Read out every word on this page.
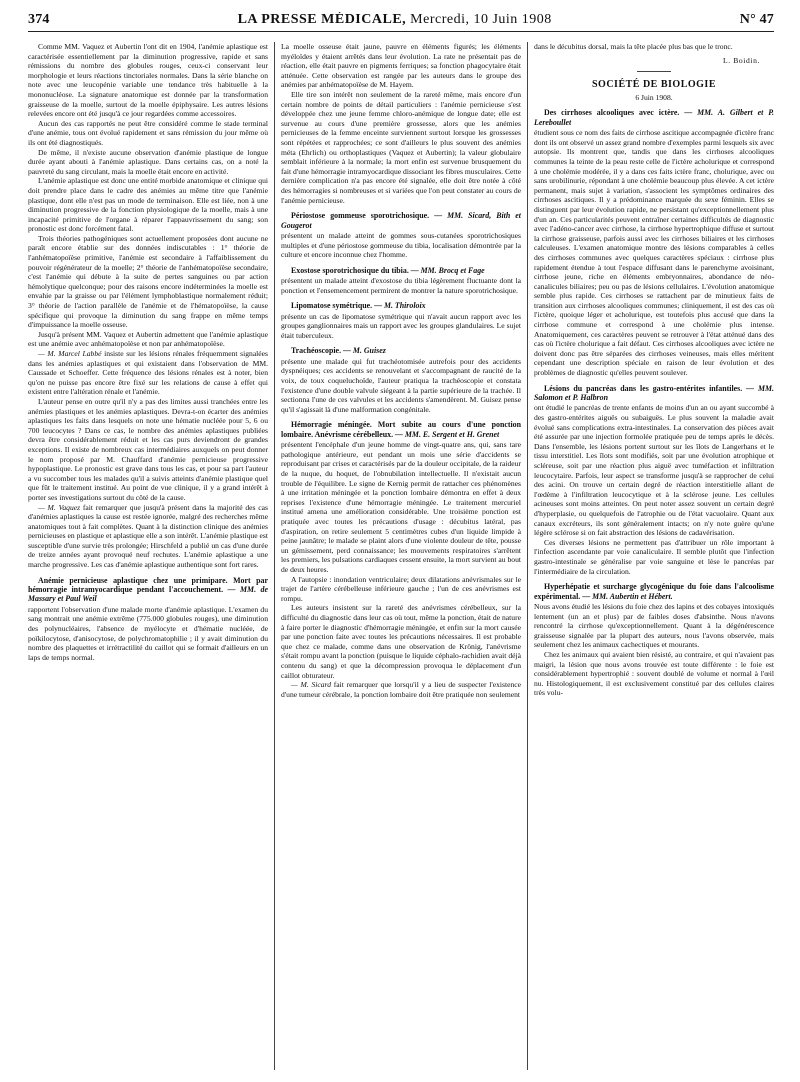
374	LA PRESSE MÉDICALE, Mercredi, 10 Juin 1908	N° 47

Comme MM. Vaquez et Aubertin l'ont dit en 1904, l'anémie aplastique est caractérisée essentiellement par la diminution progressive, rapide et sans rémissions du nombre des globules rouges, ceux-ci conservant leur morphologie et leurs réactions tinctoriales normales. Dans la série blanche on note avec une leucopénie variable une tendance très habituelle à la mononucléose. La signature anatomique est donnée par la transformation graisseuse de la moelle, surtout de la moelle épiphysaire. Les autres lésions relevées encore ont été jusqu'à ce jour regardées comme accessoires.

Aucun des cas rapportés ne peut être considéré comme le stade terminal d'une anémie, tous ont évolué rapidement et sans rémission du jour même où ils ont été diagnostiqués.

De même, il n'existe aucune observation d'anémie plastique de longue durée ayant abouti à l'anémie aplastique. Dans certains cas, on a noté la pauvreté du sang circulant, mais la moelle était encore en activité.

L'anémie aplastique est donc une entité morbide anatomique et clinique qui doit prendre place dans le cadre des anémies au même titre que l'anémie plastique, dont elle n'est pas un mode de terminaison. Elle est liée, non à une diminution progressive de la fonction physiologique de la moelle, mais à une incapacité primitive de l'organe à réparer l'appauvrissement du sang; son pronostic est donc forcément fatal.

Trois théories pathogéniques sont actuellement proposées dont aucune ne paraît encore établie sur des données indiscutables : 1° théorie de l'anhématopoïèse primitive, l'anémie est secondaire à l'affaiblissement du pouvoir régénérateur de la moelle; 2° théorie de l'anhématopoïèse secondaire, c'est l'anémie qui débute à la suite de pertes sanguines ou par action hémolytique quelconque; pour des raisons encore indéterminées la moelle est envahie par la graisse ou par l'élément lymphoblastique normalement réduit; 3° théorie de l'action parallèle de l'anémie et de l'hématopoïèse, la cause spécifique qui provoque la diminution du sang frappe en même temps d'impuissance la moelle osseuse.

Jusqu'à présent MM. Vaquez et Aubertin admettent que l'anémie aplastique est une anémie avec anhématopoïèse et non par anhématopoïèse.

— M. Marcel Labbé insiste sur les lésions rénales fréquemment signalées dans les anémies aplastiques et qui existaient dans l'observation de MM. Caussade et Schoeffer. Cette fréquence des lésions rénales est à noter, bien qu'on ne puisse pas encore être fixé sur les relations de cause à effet qui existent entre l'altération rénale et l'anémie.

L'auteur pense en outre qu'il n'y a pas des limites aussi tranchées entre les anémies plastiques et les anémies aplastiques. Devra-t-on écarter des anémies aplastiques les faits dans lesquels on note une hématie nucléée pour 5, 6 ou 700 leucocytes ? Dans ce cas, le nombre des anémies aplastiques publiées devra être considérablement réduit et les cas purs deviendront de grandes exceptions. Il existe de nombreux cas intermédiaires auxquels on peut donner le nom proposé par M. Chauffard d'anémie pernicieuse progressive hypoplastique. Le pronostic est grave dans tous les cas, et pour sa part l'auteur a vu succomber tous les malades qu'il a suivis atteints d'anémie plastique quel que fût le traitement institué. Au point de vue clinique, il y a grand intérêt à porter ses investigations surtout du côté de la cause.

— M. Vaquez fait remarquer que jusqu'à présent dans la majorité des cas d'anémies aplastiques la cause est restée ignorée, malgré des recherches même anatomiques tout à fait complètes. Quant à la distinction clinique des anémies pernicieuses en plastique et aplastique elle a son intérêt. L'anémie plastique est susceptible d'une survie très prolongée; Hirschfeld a publié un cas d'une durée de treize années ayant provoqué neuf rechutes. L'anémie aplastique a une marche progressive. Les cas d'anémie aplastique authentique sont fort rares.

Anémie pernicieuse aplastique chez une primipare. Mort par hémorragie intramyocardique pendant l'accouchement. — MM. de Massary et Paul Weil

rapportent l'observation d'une malade morte d'anémie aplastique. L'examen du sang montrait une anémie extrême (775.000 globules rouges), une diminution des polynucléaires, l'absence de myélocyte et d'hématie nucléée, de poïkilocytose, d'anisocytose, de polychromatophilie ; il y avait diminution du nombre des plaquettes et irrétractilité du caillot qui se formait d'ailleurs en un laps de temps normal.

La moelle osseuse était jaune, pauvre en éléments figurés; les éléments myéloïdes y étaient arrêtés dans leur évolution. La rate ne présentait pas de réaction, elle était pauvre en pigments ferriques; sa fonction phagocytaire était atténuée. Cette observation est rangée par les auteurs dans le groupe des anémies par anhématopoïèse de M. Hayem.

Elle tire son intérêt non seulement de la rareté même, mais encore d'un certain nombre de points de détail particuliers : l'anémie pernicieuse s'est développée chez une jeune femme chloro-anémique de longue date; elle est survenue au cours d'une première grossesse, alors que les anémies pernicieuses de la femme enceinte surviennent surtout lorsque les grossesses sont répétées et rapprochées; ce sont d'ailleurs le plus souvent des anémies méta (Ehrlich) ou orthoplastiques (Vaquez et Aubertin); la valeur globulaire semblait inférieure à la normale; la mort enfin est survenue brusquement du fait d'une hémorragie intramyocardique dissociant les fibres musculaires. Cette dernière complication n'a pas encore été signalée, elle doit être notée à côté des hémorragies si nombreuses et si variées que l'on peut constater au cours de l'anémie pernicieuse.

Périostose gommeuse sporotrichosique. — MM. Sicard, Bith et Gougerot

présentent un malade atteint de gommes sous-cutanées sporotrichosiques multiples et d'une périostose gommeuse du tibia, localisation démontrée par la culture et encore inconnue chez l'homme.

Exostose sporotrichosique du tibia. — MM. Brocq et Fage

présentent un malade atteint d'exostose du tibia légèrement fluctuante dont la ponction et l'ensemencement permirent de montrer la nature sporotrichosique.

Lipomatose symétrique. — M. Thiroloix

présente un cas de lipomatose symétrique qui n'avait aucun rapport avec les groupes ganglionnaires mais un rapport avec les groupes glandulaires. Le sujet était tuberculeux.

Trachéoscopie. — M. Guisez

présente une malade qui fut trachéotomisée autrefois pour des accidents dyspnéiques; ces accidents se renouvelant et s'accompagnant de raucité de la voix, de toux coqueluchoïde, l'auteur pratiqua la trachéoscopie et constata l'existence d'une double valvule siégeant à la partie supérieure de la trachée. Il sectionna l'une de ces valvules et les accidents s'amendèrent. M. Guisez pense qu'il s'agissait là d'une malformation congénitale.

Hémorragie méningée. Mort subite au cours d'une ponction lombaire. Anévrisme cérébelleux. — MM. E. Sergent et H. Grenet

présentent l'encéphale d'un jeune homme de vingt-quatre ans, qui, sans tare pathologique antérieure, eut pendant un mois une série d'accidents se reproduisant par crises et caractérisés par de la douleur occipitale, de la raideur de la nuque, du hoquet, de l'obnubilation intellectuelle. Il n'existait aucun trouble de l'équilibre. Le signe de Kernig permit de rattacher ces phénomènes à une irritation méningée et la ponction lombaire démontra en effet à deux reprises l'existence d'une hémorragie méningée. Le traitement mercuriel institué amena une amélioration considérable. Une troisième ponction est pratiquée avec toutes les précautions d'usage : décubitus latéral, pas d'aspiration, on retire seulement 5 centimètres cubes d'un liquide limpide à peine jaunâtre; le malade se plaint alors d'une violente douleur de tête, pousse un gémissement, perd connaissance; les mouvements respiratoires s'arrêtent les premiers, les pulsations cardiaques cessent ensuite, la mort survient au bout de deux heures.

A l'autopsie : inondation ventriculaire; deux dilatations anévrismales sur le trajet de l'artère cérébelleuse inférieure gauche ; l'un de ces anévrismes est rompu.

Les auteurs insistent sur la rareté des anévrismes cérébelleux, sur la difficulté du diagnostic dans leur cas où tout, même la ponction, était de nature à faire porter le diagnostic d'hémorragie méningée, et enfin sur la mort causée par une ponction faite avec toutes les précautions nécessaires. Il est probable que chez ce malade, comme dans une observation de Krönig, l'anévrisme s'était rompu avant la ponction (puisque le liquide céphalo-rachidien avait déjà contenu du sang) et que la décompression provoqua le déplacement d'un caillot obturateur.

— M. Sicard fait remarquer que lorsqu'il y a lieu de suspecter l'existence d'une tumeur cérébrale, la ponction lombaire doit être pratiquée non seulement

dans le décubitus dorsal, mais la tête placée plus bas que le tronc.

L. Boidin.
SOCIÉTÉ DE BIOLOGIE
6 Juin 1908.
Des cirrhoses alcooliques avec ictère. — MM. A. Gilbert et P. Lereboullet

étudient sous ce nom des faits de cirrhose ascitique accompagnée d'ictère franc dont ils ont observé un assez grand nombre d'exemples parmi lesquels six avec autopsie. Ils montrent que, tandis que dans les cirrhoses alcooliques communes la teinte de la peau reste celle de l'ictère acholurique et correspond à une cholémie modérée, il y a dans ces faits ictère franc, cholurique, avec ou sans urobilinurie, répondant à une cholémie beaucoup plus élevée. A cet ictère permanent, mais sujet à variation, s'associent les symptômes ordinaires des cirrhoses ascitiques. Il y a prédominance marquée du sexe féminin. Elles se distinguent par leur évolution rapide, ne persistant qu'exceptionnellement plus d'un an. Ces particularités peuvent entraîner certaines difficultés de diagnostic avec l'adéno-cancer avec cirrhose, la cirrhose hypertrophique diffuse et surtout la cirrhose graisseuse, parfois aussi avec les cirrhoses biliaires et les cirrhoses calculeuses. L'examen anatomique montre des lésions comparables à celles des cirrhoses communes avec quelques caractères spéciaux : cirrhose plus rapidement étendue à tout l'espace diffusant dans le parenchyme avoisinant, cirrhose jeune, riche en éléments embryonnaires, abondance de néo-canalicules biliaires; peu ou pas de lésions cellulaires. L'évolution anatomique semble plus rapide. Ces cirrhoses se rattachent par de minutieux faits de transition aux cirrhoses alcooliques communes; cliniquement, il est des cas où l'ictère, quoique léger et acholurique, est toutefois plus accusé que dans la cirrhose commune et correspond à une cholémie plus intense. Anatomiquement, ces caractères peuvent se retrouver à l'état atténué dans des cas où l'ictère cholurique a fait défaut. Ces cirrhoses alcooliques avec ictère ne doivent donc pas être séparées des cirrhoses veineuses, mais elles méritent cependant une description spéciale en raison de leur évolution et des problèmes de diagnostic qu'elles peuvent soulever.

Lésions du pancréas dans les gastro-entérites infantiles. — MM. Salomon et P. Halbron

ont étudié le pancréas de trente enfants de moins d'un an ou ayant succombé à des gastro-entérites aiguës ou subaiguës. Le plus souvent la maladie avait évolué sans complications extra-intestinales. La conservation des pièces avait été assurée par une injection formolée pratiquée peu de temps après le décès. Dans l'ensemble, les lésions portent surtout sur les îlots de Langerhans et le tissu interstitiel. Les îlots sont modifiés, soit par une évolution atrophique et scléreuse, soit par une réaction plus aiguë avec tuméfaction et infiltration leucocytaire. Parfois, leur aspect se transforme jusqu'à se rapprocher de celui des acini. On trouve un certain degré de réaction interstitielle allant de l'œdème à l'infiltration leucocytique et à la sclérose jeune. Les cellules acineuses sont moins atteintes. On peut noter assez souvent un certain degré d'hyperplasie, ou quelquefois de l'atrophie ou de l'état vacuolaire. Quant aux canaux excréteurs, ils sont généralement intacts; on n'y note guère qu'une légère sclérose si on fait abstraction des lésions de cadavérisation.

Ces diverses lésions ne permettent pas d'attribuer un rôle important à l'infection ascendante par voie canaliculaire. Il semble plutôt que l'infection gastro-intestinale se généralise par voie sanguine et lèse le pancréas par l'intermédiaire de la circulation.

Hyperhépatie et surcharge glycogénique du foie dans l'alcoolisme expérimental. — MM. Aubertin et Hébert.

Nous avons étudié les lésions du foie chez des lapins et des cobayes intoxiqués lentement (un an et plus) par de faibles doses d'absinthe. Nous n'avons rencontré la cirrhose qu'exceptionnellement. Quant à la dégénérescence graisseuse signalée par la plupart des auteurs, nous l'avons observée, mais seulement chez les animaux cachectiques et mourants.

Chez les animaux qui avaient bien résisté, au contraire, et qui n'avaient pas maigri, la lésion que nous avons trouvée est toute différente : le foie est considérablement hypertrophié : souvent doublé de volume et normal à l'œil nu. Histologiquement, il est exclusivement constitué par des cellules claires très volu-
